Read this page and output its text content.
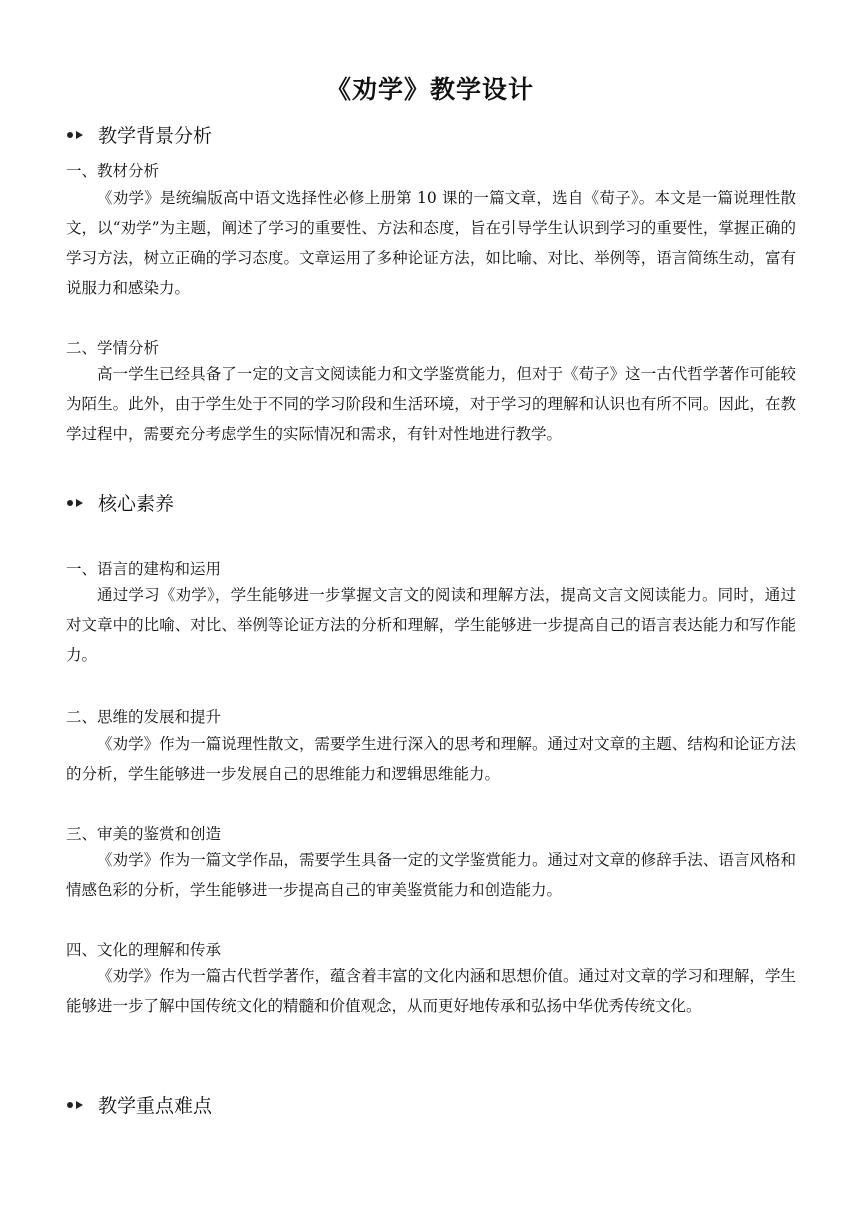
《劝学》教学设计
教学背景分析
一、教材分析
《劝学》是统编版高中语文选择性必修上册第 10 课的一篇文章，选自《荀子》。本文是一篇说理性散文，以“劝学”为主题，阐述了学习的重要性、方法和态度，旨在引导学生认识到学习的重要性，掌握正确的学习方法，树立正确的学习态度。文章运用了多种论证方法，如比喻、对比、举例等，语言简练生动，富有说服力和感染力。
二、学情分析
高一学生已经具备了一定的文言文阅读能力和文学鉴赏能力，但对于《荀子》这一古代哲学著作可能较为陌生。此外，由于学生处于不同的学习阶段和生活环境，对于学习的理解和认识也有所不同。因此，在教学过程中，需要充分考虑学生的实际情况和需求，有针对性地进行教学。
核心素养
一、语言的建构和运用
通过学习《劝学》，学生能够进一步掌握文言文的阅读和理解方法，提高文言文阅读能力。同时，通过对文章中的比喻、对比、举例等论证方法的分析和理解，学生能够进一步提高自己的语言表达能力和写作能力。
二、思维的发展和提升
《劝学》作为一篇说理性散文，需要学生进行深入的思考和理解。通过对文章的主题、结构和论证方法的分析，学生能够进一步发展自己的思维能力和逻辑思维能力。
三、审美的鉴赏和创造
《劝学》作为一篇文学作品，需要学生具备一定的文学鉴赏能力。通过对文章的修辞手法、语言风格和情感色彩的分析，学生能够进一步提高自己的审美鉴赏能力和创造能力。
四、文化的理解和传承
《劝学》作为一篇古代哲学著作，蕴含着丰富的文化内涵和思想价值。通过对文章的学习和理解，学生能够进一步了解中国传统文化的精髓和价值观念，从而更好地传承和弘扬中华优秀传统文化。
教学重点难点
